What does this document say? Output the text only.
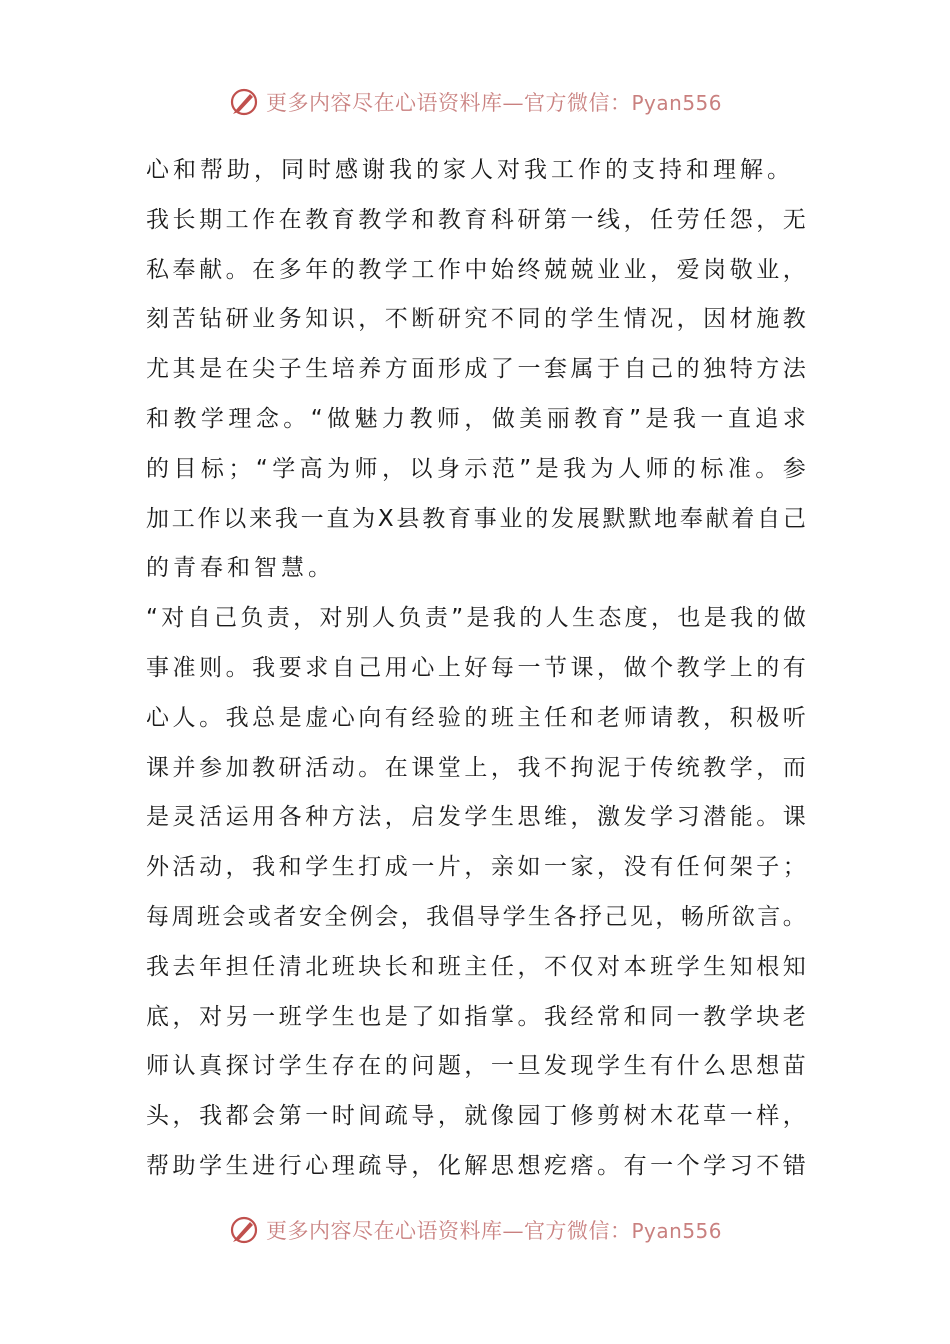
更多内容尽在心语资料库—官方微信：Pyan556
心和帮助，同时感谢我的家人对我工作的支持和理解。
我 长 期 工 作 在 教 育 教 学 和 教 育 科 研 第 一 线 ， 任 劳 任 怨 ， 无
私 奉 献 。 在 多 年 的 教 学 工 作 中 始 终 兢 兢 业 业 ， 爱 岗 敬 业 ，
刻 苦 钻 研 业 务 知 识 ， 不 断 研 究 不 同 的 学 生 情 况 ， 因 材 施 教
尤 其 是 在 尖 子 生 培 养 方 面 形 成 了 一 套 属 于 自 己 的 独 特 方 法
和 教 学 理 念 。 “ 做 魅 力 教 师 ， 做 美 丽 教 育 ” 是 我 一 直 追 求
的 目 标 ； “ 学 高 为 师 ， 以 身 示 范 ” 是 我 为 人 师 的 标 准 。 参
加 工 作 以 来 我 一 直 为 X 县 教 育 事 业 的 发 展 默 默 地 奉 献 着 自 己
的青春和智慧。
“ 对 自 己 负 责 ， 对 别 人 负 责 ” 是 我 的 人 生 态 度 ， 也 是 我 的 做
事 准 则 。 我 要 求 自 己 用 心 上 好 每 一 节 课 ， 做 个 教 学 上 的 有
心 人 。 我 总 是 虚 心 向 有 经 验 的 班 主 任 和 老 师 请 教 ， 积 极 听
课 并 参 加 教 研 活 动 。 在 课 堂 上 ， 我 不 拘 泥 于 传 统 教 学 ， 而
是 灵 活 运 用 各 种 方 法 ， 启 发 学 生 思 维 ， 激 发 学 习 潜 能 。 课
外 活 动 ， 我 和 学 生 打 成 一 片 ， 亲 如 一 家 ， 没 有 任 何 架 子 ；
每 周 班 会 或 者 安 全 例 会 ， 我 倡 导 学 生 各 抒 己 见 ， 畅 所 欲 言 。
我 去 年 担 任 清 北 班 块 长 和 班 主 任 ， 不 仅 对 本 班 学 生 知 根 知
底 ， 对 另 一 班 学 生 也 是 了 如 指 掌 。 我 经 常 和 同 一 教 学 块 老
师 认 真 探 讨 学 生 存 在 的 问 题 ， 一 旦 发 现 学 生 有 什 么 思 想 苗
头 ， 我 都 会 第 一 时 间 疏 导 ， 就 像 园 丁 修 剪 树 木 花 草 一 样 ，
帮 助 学 生 进 行 心 理 疏 导 ， 化 解 思 想 疙 瘩 。 有 一 个 学 习 不 错
更多内容尽在心语资料库—官方微信：Pyan556
